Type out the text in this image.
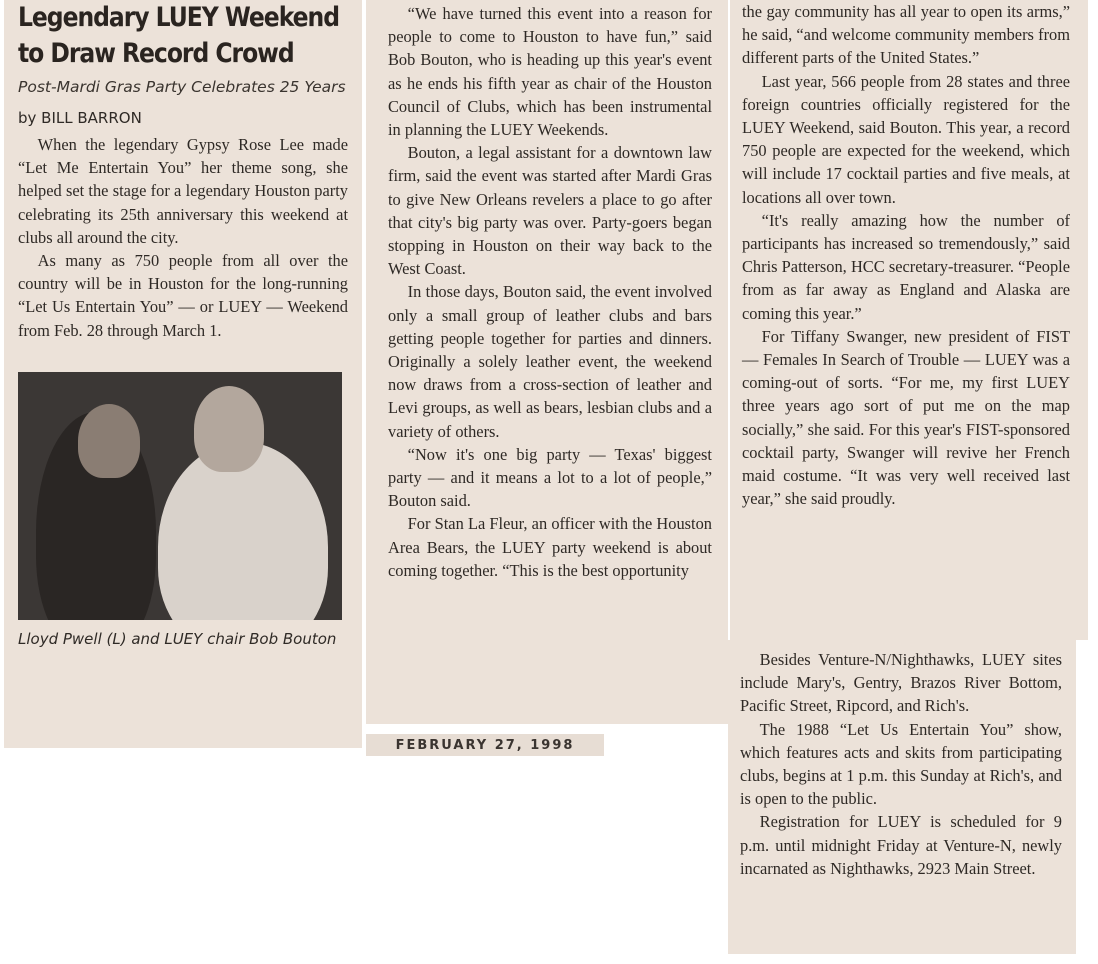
Legendary LUEY Weekend to Draw Record Crowd
Post-Mardi Gras Party Celebrates 25 Years
by BILL BARRON

When the legendary Gypsy Rose Lee made “Let Me Entertain You” her theme song, she helped set the stage for a legendary Houston party celebrating its 25th anniversary this weekend at clubs all around the city.

As many as 750 people from all over the country will be in Houston for the long-running “Let Us Entertain You” — or LUEY — Weekend from Feb. 28 through March 1.

Lloyd Pwell (L) and LUEY chair Bob Bouton

“We have turned this event into a reason for people to come to Houston to have fun,” said Bob Bouton, who is heading up this year's event as he ends his fifth year as chair of the Houston Council of Clubs, which has been instrumental in planning the LUEY Weekends.

Bouton, a legal assistant for a downtown law firm, said the event was started after Mardi Gras to give New Orleans revelers a place to go after that city's big party was over. Party-goers began stopping in Houston on their way back to the West Coast.

In those days, Bouton said, the event involved only a small group of leather clubs and bars getting people together for parties and dinners. Originally a solely leather event, the weekend now draws from a cross-section of leather and Levi groups, as well as bears, lesbian clubs and a variety of others.

“Now it's one big party — Texas' biggest party — and it means a lot to a lot of people,” Bouton said.

For Stan La Fleur, an officer with the Houston Area Bears, the LUEY party weekend is about coming together. “This is the best opportunity

FEBRUARY 27, 1998

the gay community has all year to open its arms,” he said, “and welcome community members from different parts of the United States.”

Last year, 566 people from 28 states and three foreign countries officially registered for the LUEY Weekend, said Bouton. This year, a record 750 people are expected for the weekend, which will include 17 cocktail parties and five meals, at locations all over town.

“It's really amazing how the number of participants has increased so tremendously,” said Chris Patterson, HCC secretary-treasurer. “People from as far away as England and Alaska are coming this year.”

For Tiffany Swanger, new president of FIST — Females In Search of Trouble — LUEY was a coming-out of sorts. “For me, my first LUEY three years ago sort of put me on the map socially,” she said. For this year's FIST-sponsored cocktail party, Swanger will revive her French maid costume. “It was very well received last year,” she said proudly.

Besides Venture-N/Nighthawks, LUEY sites include Mary's, Gentry, Brazos River Bottom, Pacific Street, Ripcord, and Rich's.

The 1988 “Let Us Entertain You” show, which features acts and skits from participating clubs, begins at 1 p.m. this Sunday at Rich's, and is open to the public.

Registration for LUEY is scheduled for 9 p.m. until midnight Friday at Venture-N, newly incarnated as Nighthawks, 2923 Main Street.
